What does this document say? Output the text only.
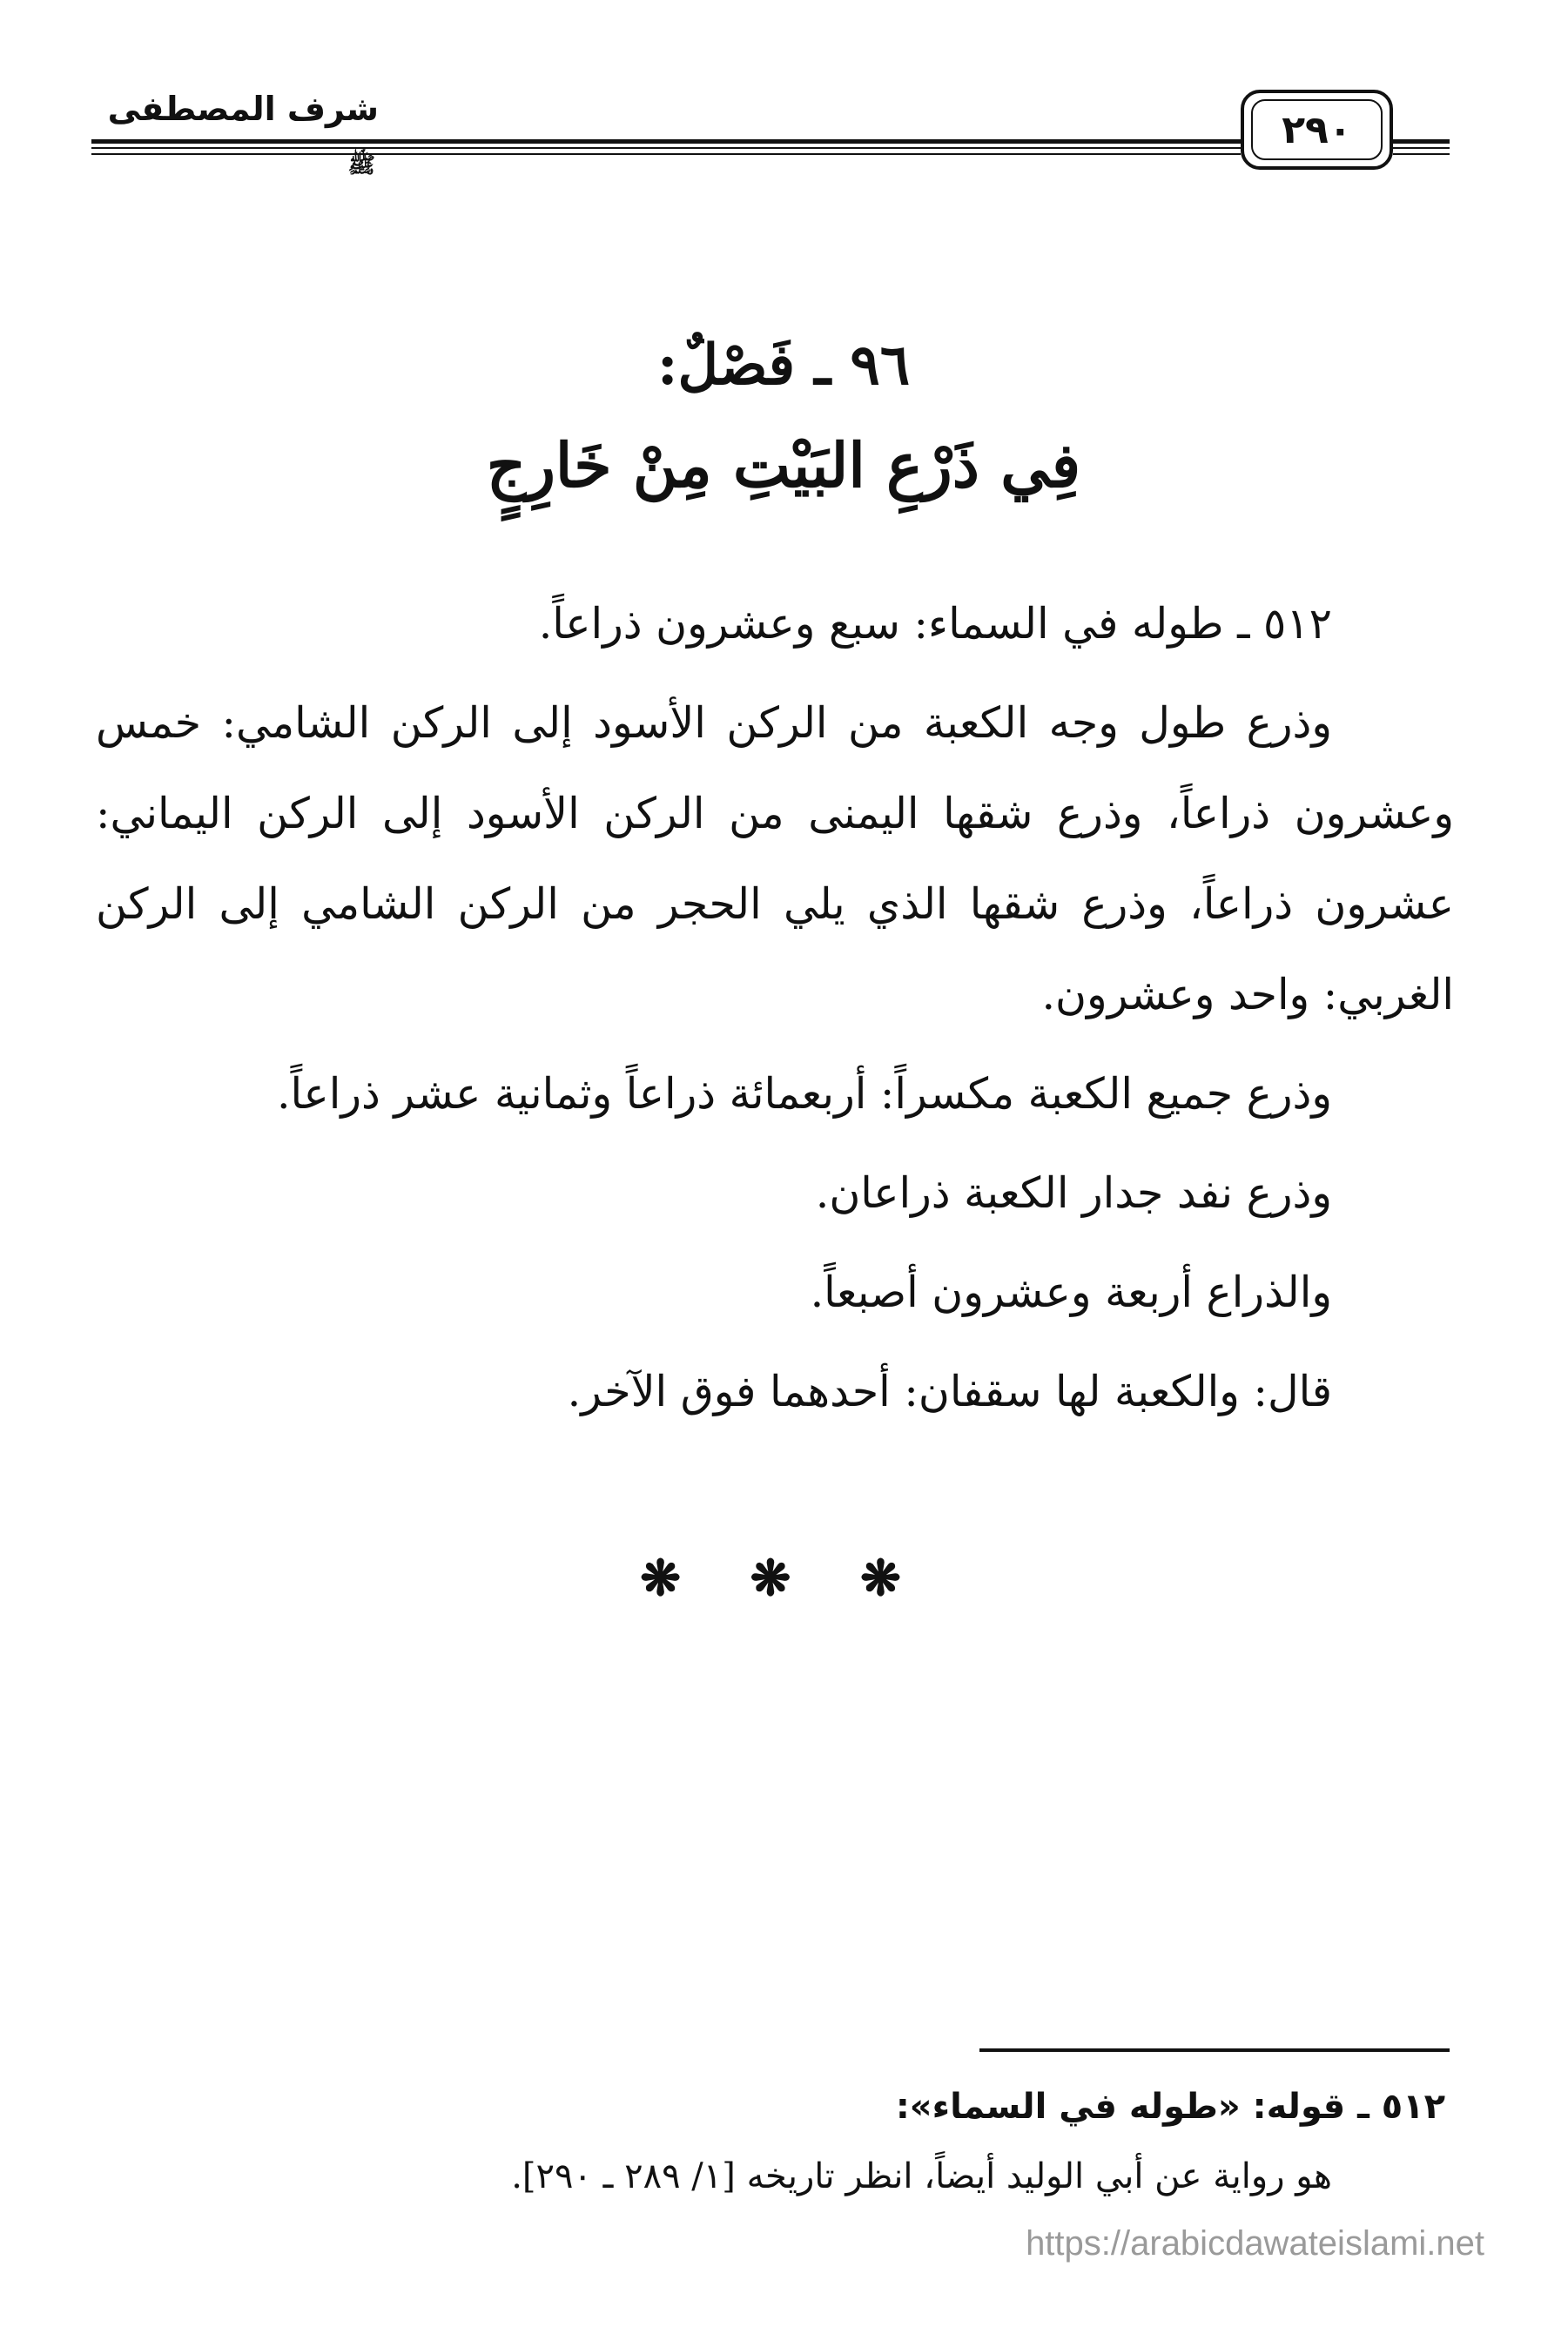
شرف المصطفىﷺ
٢٩٠
٩٦ ـ فَصْلٌ:
فِي ذَرْعِ البَيْتِ مِنْ خَارِجٍ

٥١٢ ـ طوله في السماء: سبع وعشرون ذراعاً.

وذرع طول وجه الكعبة من الركن الأسود إلى الركن الشامي: خمس وعشرون ذراعاً، وذرع شقها اليمنى من الركن الأسود إلى الركن اليماني: عشرون ذراعاً، وذرع شقها الذي يلي الحجر من الركن الشامي إلى الركن الغربي: واحد وعشرون.

وذرع جميع الكعبة مكسراً: أربعمائة ذراعاً وثمانية عشر ذراعاً.

وذرع نفد جدار الكعبة ذراعان.

والذراع أربعة وعشرون أصبعاً.

قال: والكعبة لها سقفان: أحدهما فوق الآخر.

❋ ❋ ❋

٥١٢ ـ قوله: «طوله في السماء»:

هو رواية عن أبي الوليد أيضاً، انظر تاريخه [١/ ٢٨٩ ـ ٢٩٠].

https://arabicdawateislami.net
